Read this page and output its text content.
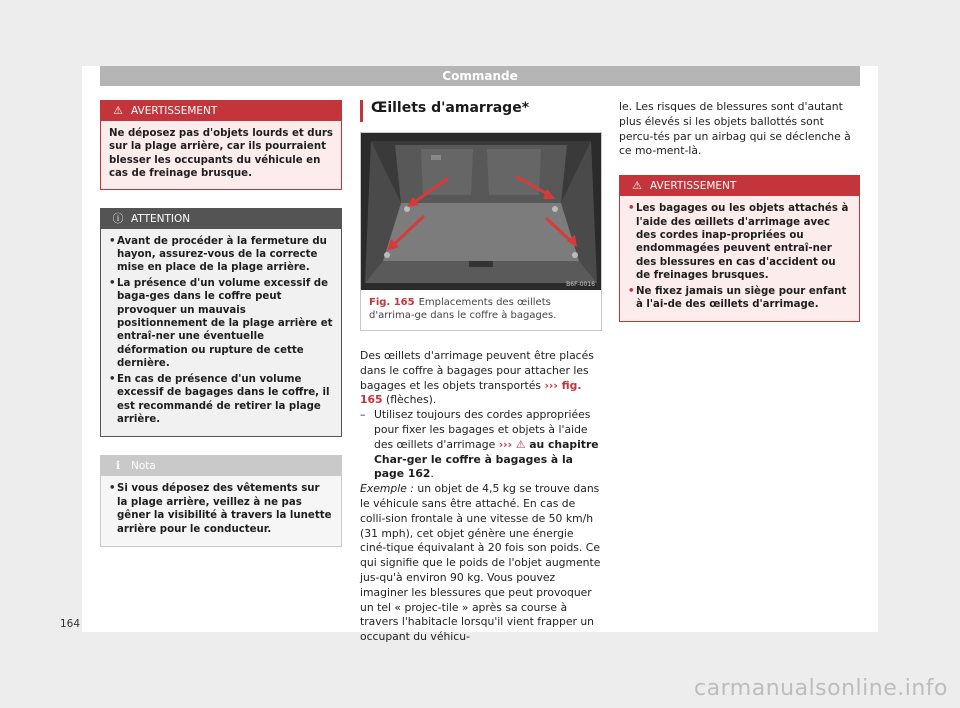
Commande
⚠ AVERTISSEMENT

Ne déposez pas d'objets lourds et durs sur la plage arrière, car ils pourraient blesser les occupants du véhicule en cas de freinage brusque.

ⓘ ATTENTION
• Avant de procéder à la fermeture du hayon, assurez-vous de la correcte mise en place de la plage arrière.
• La présence d'un volume excessif de baga-ges dans le coffre peut provoquer un mauvais positionnement de la plage arrière et entraî-ner une éventuelle déformation ou rupture de cette dernière.
• En cas de présence d'un volume excessif de bagages dans le coffre, il est recommandé de retirer la plage arrière.
ℹ Nota
• Si vous déposez des vêtements sur la plage arrière, veillez à ne pas gêner la visibilité à travers la lunette arrière pour le conducteur.
Œillets d'amarrage*
B6F-0016
Fig. 165 Emplacements des œillets d'arrima-ge dans le coffre à bagages.

Des œillets d'arrimage peuvent être placés dans le coffre à bagages pour attacher les bagages et les objets transportés ››› fig. 165 (flèches).

– Utilisez toujours des cordes appropriées pour fixer les bagages et objets à l'aide des œillets d'arrimage ››› ⚠ au chapitre Char-ger le coffre à bagages à la page 162.

Exemple : un objet de 4,5 kg se trouve dans le véhicule sans être attaché. En cas de colli-sion frontale à une vitesse de 50 km/h (31 mph), cet objet génère une énergie ciné-tique équivalant à 20 fois son poids. Ce qui signifie que le poids de l'objet augmente jus-qu'à environ 90 kg. Vous pouvez imaginer les blessures que peut provoquer un tel « projec-tile » après sa course à travers l'habitacle lorsqu'il vient frapper un occupant du véhicu-

le. Les risques de blessures sont d'autant plus élevés si les objets ballottés sont percu-tés par un airbag qui se déclenche à ce mo-ment-là.
⚠ AVERTISSEMENT
• Les bagages ou les objets attachés à l'aide des œillets d'arrimage avec des cordes inap-propriées ou endommagées peuvent entraî-ner des blessures en cas d'accident ou de freinages brusques.
• Ne fixez jamais un siège pour enfant à l'ai-de des œillets d'arrimage.
164
carmanualsonline.info
